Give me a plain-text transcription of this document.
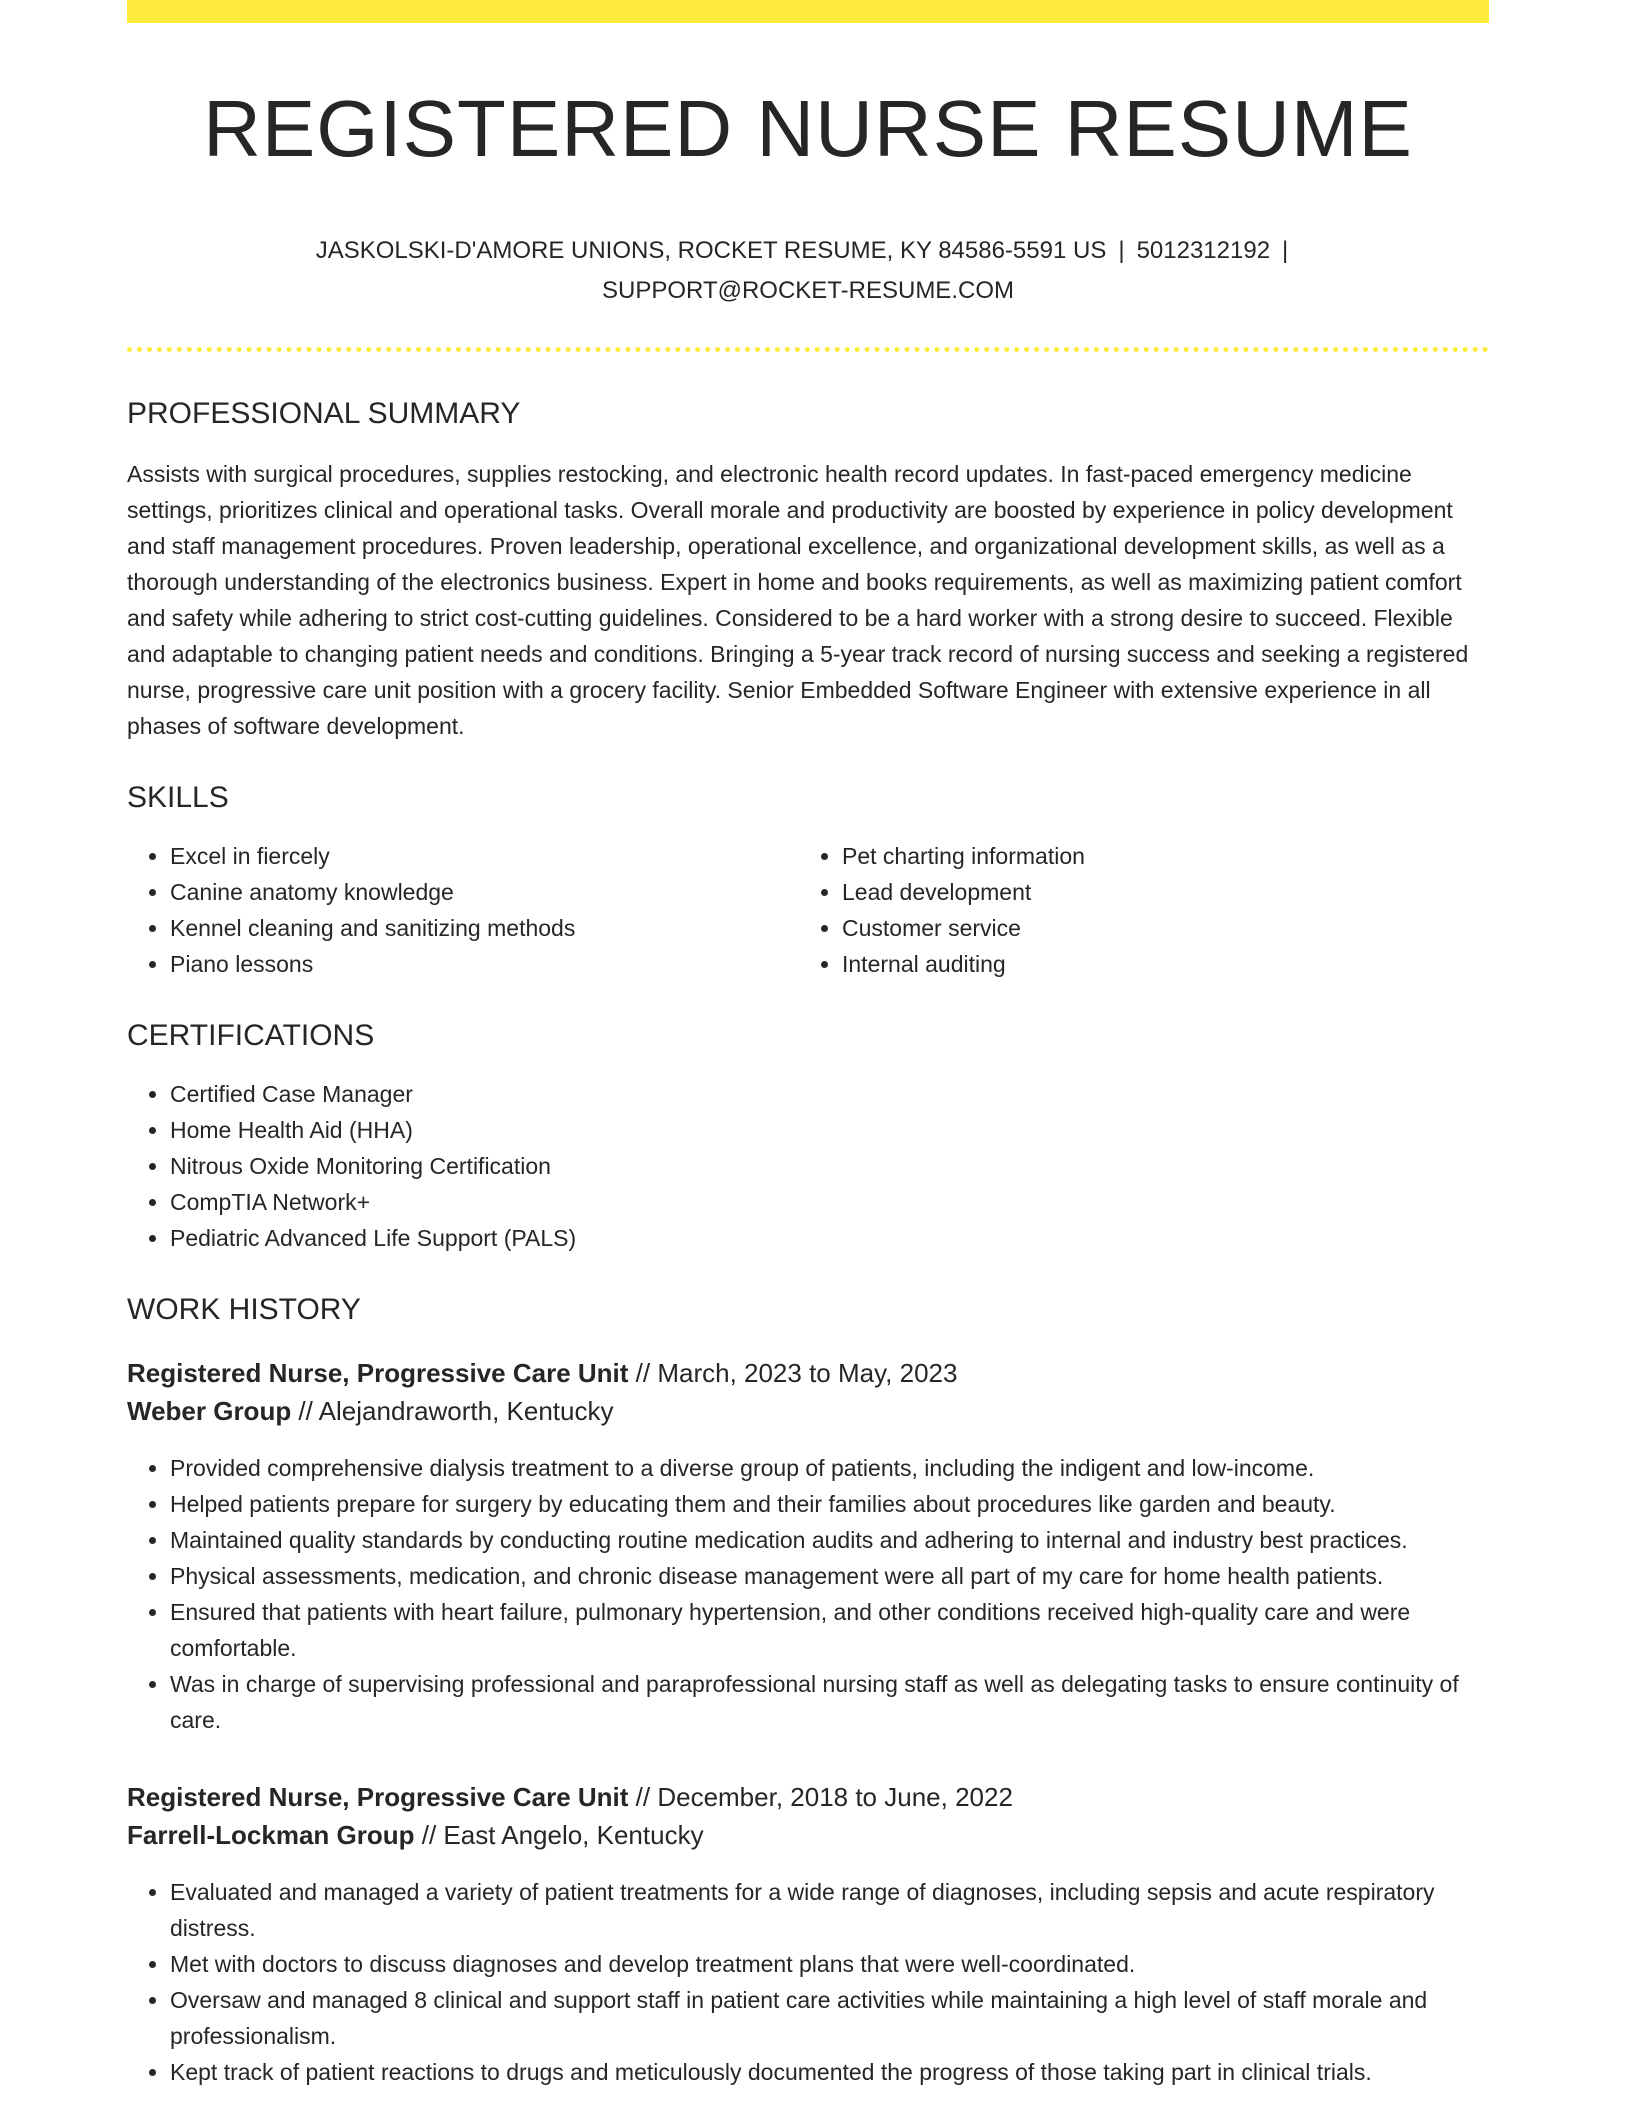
REGISTERED NURSE RESUME
JASKOLSKI-D'AMORE UNIONS, ROCKET RESUME, KY 84586-5591 US | 5012312192 |
SUPPORT@ROCKET-RESUME.COM
PROFESSIONAL SUMMARY

Assists with surgical procedures, supplies restocking, and electronic health record updates. In fast-paced emergency medicine settings, prioritizes clinical and operational tasks. Overall morale and productivity are boosted by experience in policy development and staff management procedures. Proven leadership, operational excellence, and organizational development skills, as well as a thorough understanding of the electronics business. Expert in home and books requirements, as well as maximizing patient comfort and safety while adhering to strict cost-cutting guidelines. Considered to be a hard worker with a strong desire to succeed. Flexible and adaptable to changing patient needs and conditions. Bringing a 5-year track record of nursing success and seeking a registered nurse, progressive care unit position with a grocery facility. Senior Embedded Software Engineer with extensive experience in all phases of software development.

SKILLS
• Excel in fiercely
• Canine anatomy knowledge
• Kennel cleaning and sanitizing methods
• Piano lessons
• Pet charting information
• Lead development
• Customer service
• Internal auditing
CERTIFICATIONS
• Certified Case Manager
• Home Health Aid (HHA)
• Nitrous Oxide Monitoring Certification
• CompTIA Network+
• Pediatric Advanced Life Support (PALS)
WORK HISTORY
Registered Nurse, Progressive Care Unit // March, 2023 to May, 2023
Weber Group // Alejandraworth, Kentucky
• Provided comprehensive dialysis treatment to a diverse group of patients, including the indigent and low-income.
• Helped patients prepare for surgery by educating them and their families about procedures like garden and beauty.
• Maintained quality standards by conducting routine medication audits and adhering to internal and industry best practices.
• Physical assessments, medication, and chronic disease management were all part of my care for home health patients.
• Ensured that patients with heart failure, pulmonary hypertension, and other conditions received high-quality care and were comfortable.
• Was in charge of supervising professional and paraprofessional nursing staff as well as delegating tasks to ensure continuity of care.
Registered Nurse, Progressive Care Unit // December, 2018 to June, 2022
Farrell-Lockman Group // East Angelo, Kentucky
• Evaluated and managed a variety of patient treatments for a wide range of diagnoses, including sepsis and acute respiratory distress.
• Met with doctors to discuss diagnoses and develop treatment plans that were well-coordinated.
• Oversaw and managed 8 clinical and support staff in patient care activities while maintaining a high level of staff morale and professionalism.
• Kept track of patient reactions to drugs and meticulously documented the progress of those taking part in clinical trials.
